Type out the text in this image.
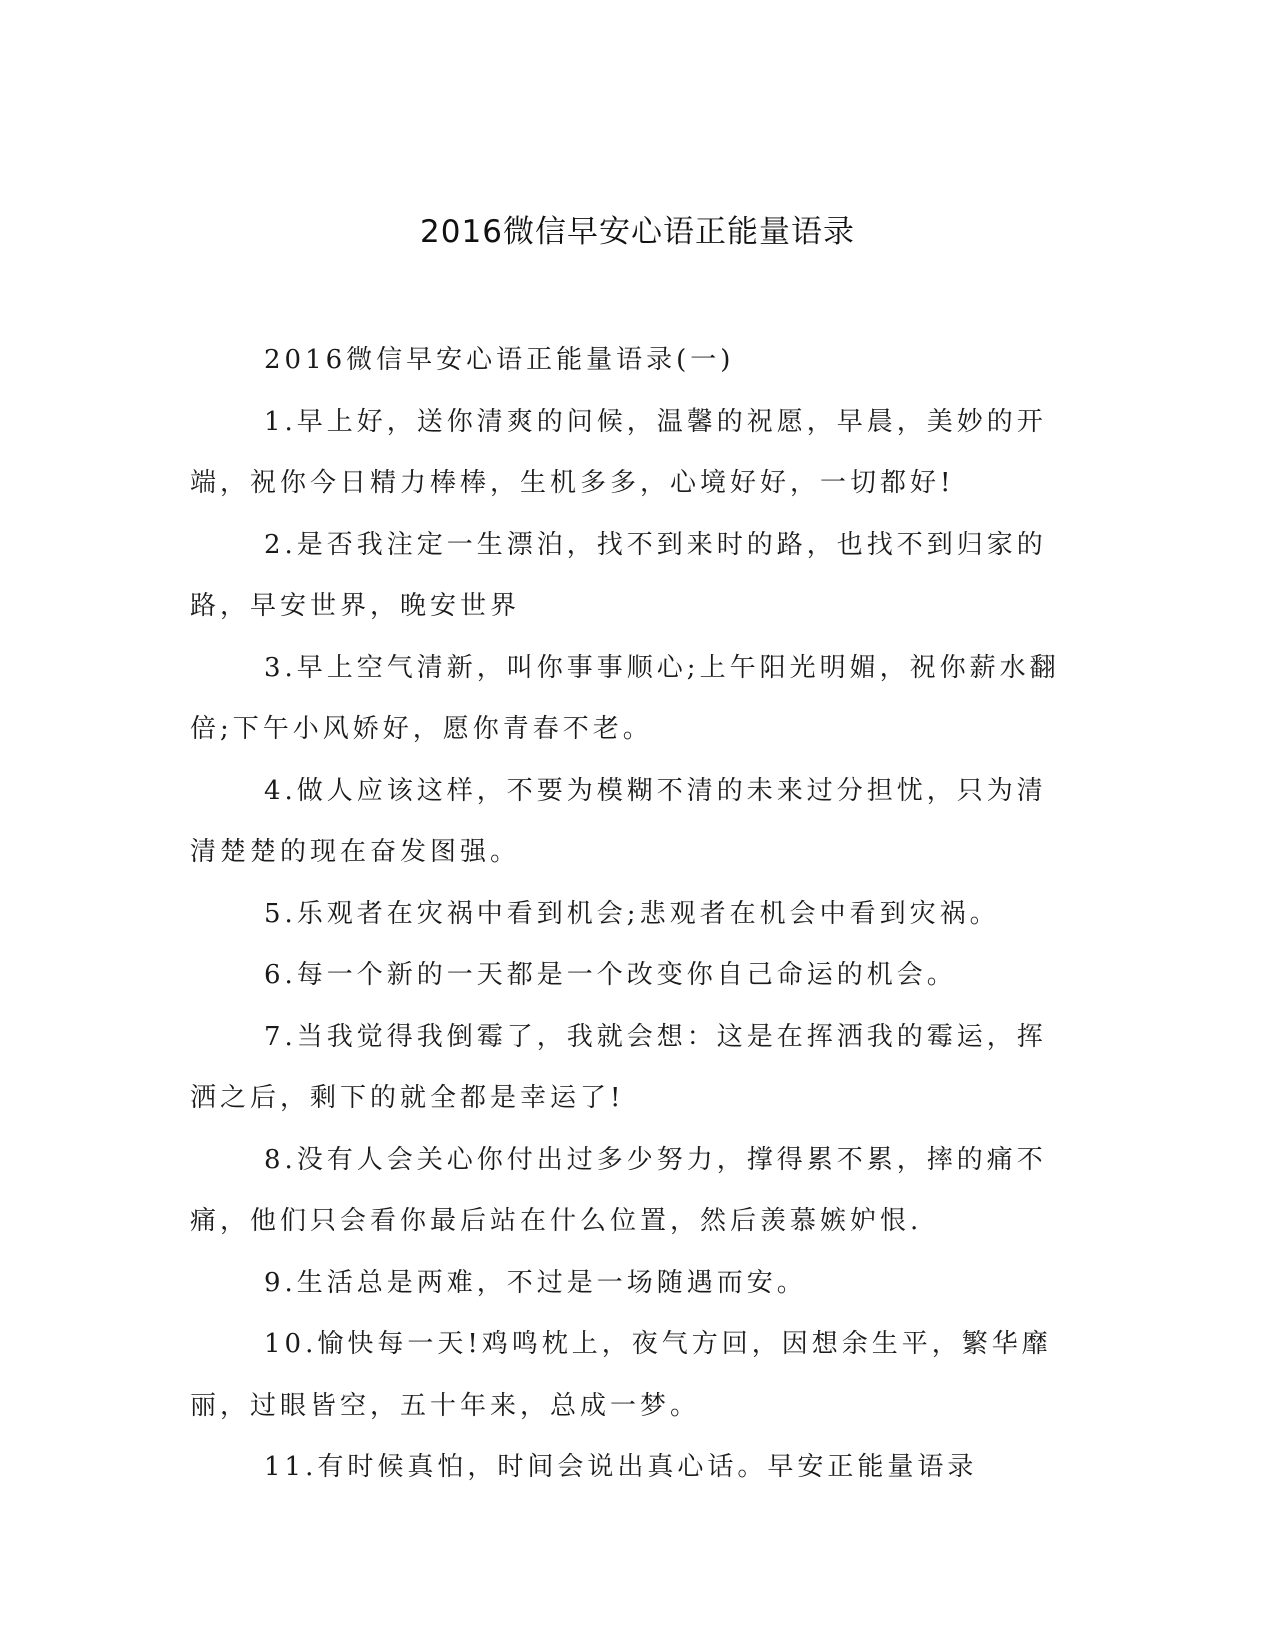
2016微信早安心语正能量语录

2016微信早安心语正能量语录(一)

1.早上好，送你清爽的问候，温馨的祝愿，早晨，美妙的开端，祝你今日精力棒棒，生机多多，心境好好，一切都好!

2.是否我注定一生漂泊，找不到来时的路，也找不到归家的路，早安世界，晚安世界

3.早上空气清新，叫你事事顺心;上午阳光明媚，祝你薪水翻倍;下午小风娇好，愿你青春不老。

4.做人应该这样，不要为模糊不清的未来过分担忧，只为清清楚楚的现在奋发图强。

5.乐观者在灾祸中看到机会;悲观者在机会中看到灾祸。

6.每一个新的一天都是一个改变你自己命运的机会。

7.当我觉得我倒霉了，我就会想：这是在挥洒我的霉运，挥洒之后，剩下的就全都是幸运了!

8.没有人会关心你付出过多少努力，撑得累不累，摔的痛不痛，他们只会看你最后站在什么位置，然后羡慕嫉妒恨.

9.生活总是两难，不过是一场随遇而安。

10.愉快每一天!鸡鸣枕上，夜气方回，因想余生平，繁华靡丽，过眼皆空，五十年来，总成一梦。

11.有时候真怕，时间会说出真心话。早安正能量语录
